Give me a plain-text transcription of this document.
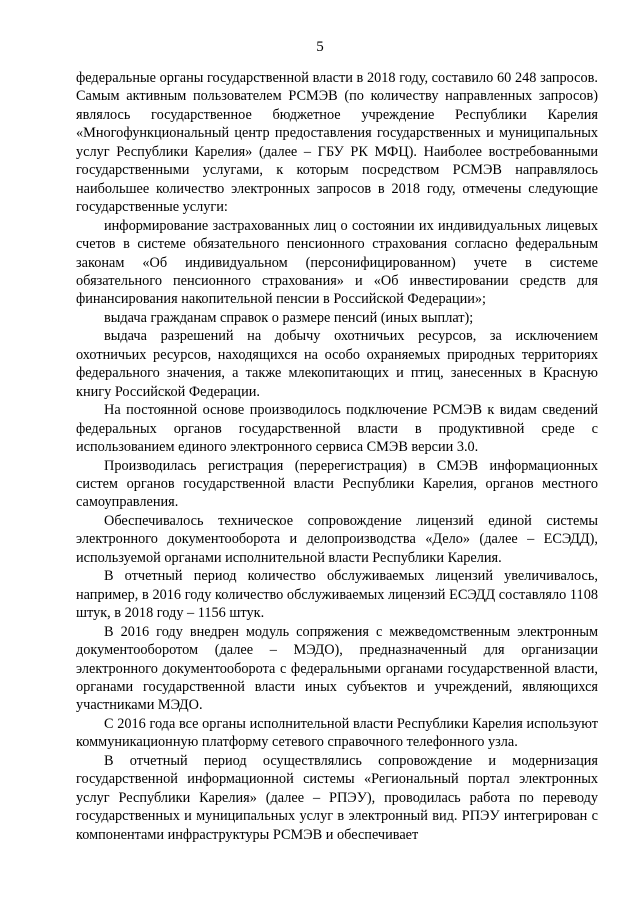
5

федеральные органы государственной власти в 2018 году, составило 60 248 запросов. Самым активным пользователем РСМЭВ (по количеству направленных запросов) являлось государственное бюджетное учреждение Республики Карелия «Многофункциональный центр предоставления государственных и муниципальных услуг Республики Карелия» (далее – ГБУ РК МФЦ). Наиболее востребованными государственными услугами, к которым посредством РСМЭВ направлялось наибольшее количество электронных запросов в 2018 году, отмечены следующие государственные услуги:

информирование застрахованных лиц о состоянии их индивидуальных лицевых счетов в системе обязательного пенсионного страхования согласно федеральным законам «Об индивидуальном (персонифицированном) учете в системе обязательного пенсионного страхования» и «Об инвестировании средств для финансирования накопительной пенсии в Российской Федерации»;

выдача гражданам справок о размере пенсий (иных выплат);

выдача разрешений на добычу охотничьих ресурсов, за исключением охотничьих ресурсов, находящихся на особо охраняемых природных территориях федерального значения, а также млекопитающих и птиц, занесенных в Красную книгу Российской Федерации.

На постоянной основе производилось подключение РСМЭВ к видам сведений федеральных органов государственной власти в продуктивной среде с использованием единого электронного сервиса СМЭВ версии 3.0.

Производилась регистрация (перерегистрация) в СМЭВ информационных систем органов государственной власти Республики Карелия, органов местного самоуправления.

Обеспечивалось техническое сопровождение лицензий единой системы электронного документооборота и делопроизводства «Дело» (далее – ЕСЭДД), используемой органами исполнительной власти Республики Карелия.

В отчетный период количество обслуживаемых лицензий увеличивалось, например, в 2016 году количество обслуживаемых лицензий ЕСЭДД составляло 1108 штук, в 2018 году – 1156 штук.

В 2016 году внедрен модуль сопряжения с межведомственным электронным документооборотом (далее – МЭДО), предназначенный для организации электронного документооборота с федеральными органами государственной власти, органами государственной власти иных субъектов и учреждений, являющихся участниками МЭДО.

С 2016 года все органы исполнительной власти Республики Карелия используют коммуникационную платформу сетевого справочного телефонного узла.

В отчетный период осуществлялись сопровождение и модернизация государственной информационной системы «Региональный портал электронных услуг Республики Карелия» (далее – РПЭУ), проводилась работа по переводу государственных и муниципальных услуг в электронный вид. РПЭУ интегрирован с компонентами инфраструктуры РСМЭВ и обеспечивает
